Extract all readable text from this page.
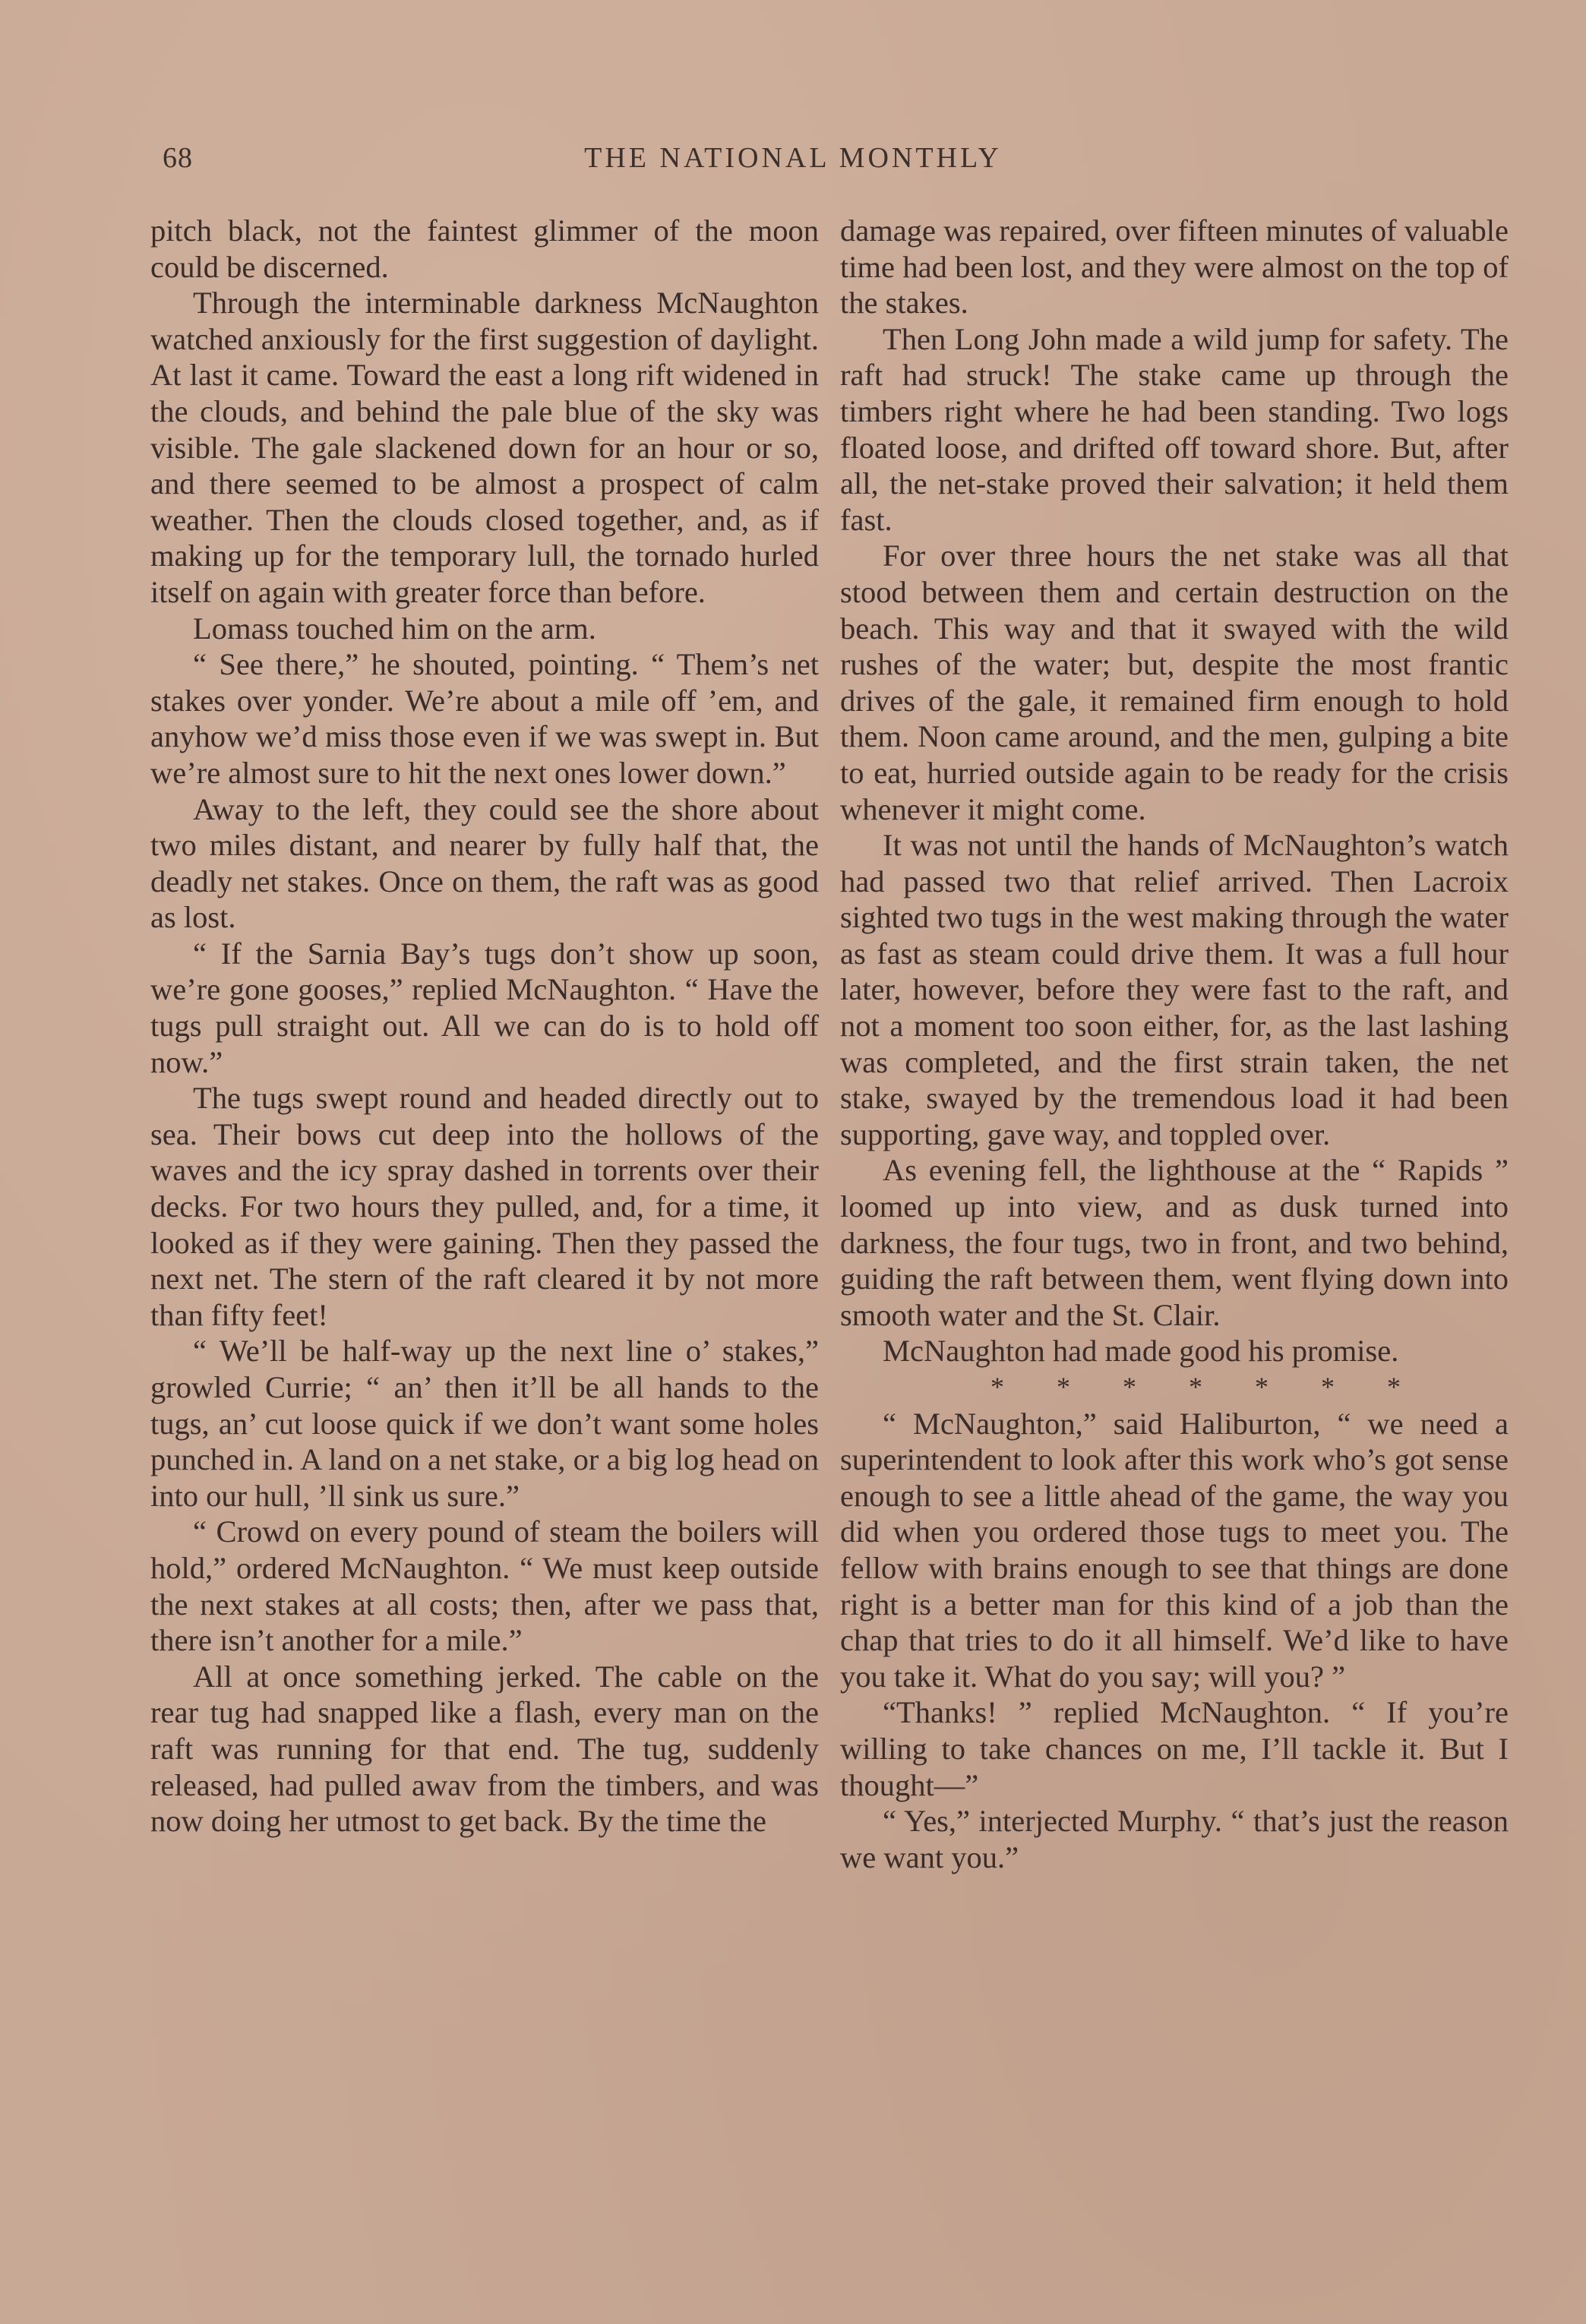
68	THE NATIONAL MONTHLY

pitch black, not the faintest glimmer of the moon could be discerned.

Through the interminable darkness McNaughton watched anxiously for the first suggestion of daylight. At last it came. Toward the east a long rift widened in the clouds, and behind the pale blue of the sky was visible. The gale slackened down for an hour or so, and there seemed to be almost a prospect of calm weather. Then the clouds closed together, and, as if making up for the temporary lull, the tornado hurled itself on again with greater force than before.

Lomass touched him on the arm.

“ See there,” he shouted, pointing. “ Them’s net stakes over yonder. We’re about a mile off ’em, and anyhow we’d miss those even if we was swept in. But we’re almost sure to hit the next ones lower down.”

Away to the left, they could see the shore about two miles distant, and nearer by fully half that, the deadly net stakes. Once on them, the raft was as good as lost.

“ If the Sarnia Bay’s tugs don’t show up soon, we’re gone gooses,” replied McNaughton. “ Have the tugs pull straight out. All we can do is to hold off now.”

The tugs swept round and headed directly out to sea. Their bows cut deep into the hollows of the waves and the icy spray dashed in torrents over their decks. For two hours they pulled, and, for a time, it looked as if they were gaining. Then they passed the next net. The stern of the raft cleared it by not more than fifty feet!

“ We’ll be half-way up the next line o’ stakes,” growled Currie; “ an’ then it’ll be all hands to the tugs, an’ cut loose quick if we don’t want some holes punched in. A land on a net stake, or a big log head on into our hull, ’ll sink us sure.”

“ Crowd on every pound of steam the boilers will hold,” ordered McNaughton. “ We must keep outside the next stakes at all costs; then, after we pass that, there isn’t another for a mile.”

All at once something jerked. The cable on the rear tug had snapped like a flash, every man on the raft was running for that end. The tug, suddenly released, had pulled awav from the timbers, and was now doing her utmost to get back. By the time the

damage was repaired, over fifteen minutes of valuable time had been lost, and they were almost on the top of the stakes.

Then Long John made a wild jump for safety. The raft had struck! The stake came up through the timbers right where he had been standing. Two logs floated loose, and drifted off toward shore. But, after all, the net-stake proved their salvation; it held them fast.

For over three hours the net stake was all that stood between them and certain destruction on the beach. This way and that it swayed with the wild rushes of the water; but, despite the most frantic drives of the gale, it remained firm enough to hold them. Noon came around, and the men, gulping a bite to eat, hurried outside again to be ready for the crisis whenever it might come.

It was not until the hands of McNaughton’s watch had passed two that relief arrived. Then Lacroix sighted two tugs in the west making through the water as fast as steam could drive them. It was a full hour later, however, before they were fast to the raft, and not a moment too soon either, for, as the last lashing was completed, and the first strain taken, the net stake, swayed by the tremendous load it had been supporting, gave way, and toppled over.

As evening fell, the lighthouse at the “ Rapids ” loomed up into view, and as dusk turned into darkness, the four tugs, two in front, and two behind, guiding the raft between them, went flying down into smooth water and the St. Clair.

McNaughton had made good his promise.

* * * * * * *

“ McNaughton,” said Haliburton, “ we need a superintendent to look after this work who’s got sense enough to see a little ahead of the game, the way you did when you ordered those tugs to meet you. The fellow with brains enough to see that things are done right is a better man for this kind of a job than the chap that tries to do it all himself. We’d like to have you take it. What do you say; will you? ”

“Thanks! ” replied McNaughton. “ If you’re willing to take chances on me, I’ll tackle it. But I thought—”

“ Yes,” interjected Murphy. “ that’s just the reason we want you.”
